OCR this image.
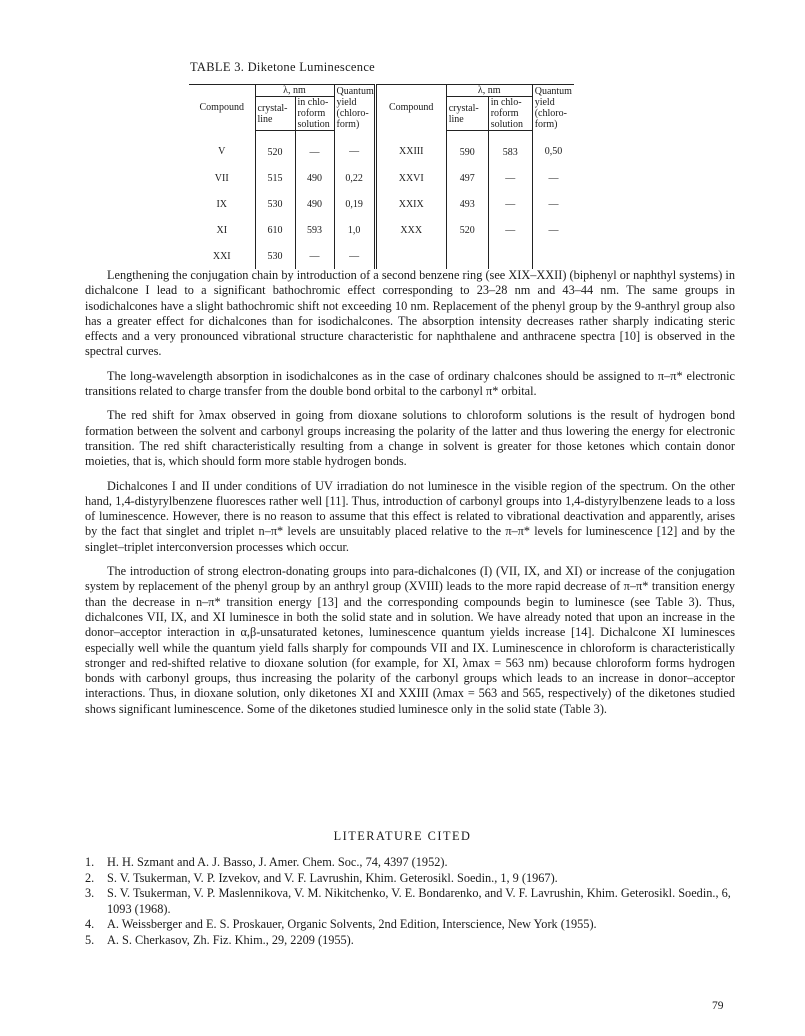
TABLE 3. Diketone Luminescence
Compound	λ, nm		Quantum yield (chloro- form)	Compound	λ, nm		Quantum yield (chloro- form)
	crystal- line	in chlo- roform solution			crystal- line	in chlo- roform solution	
V	520	—	—	XXIII	590	583	0,50
VII	515	490	0,22	XXVI	497	—	—
IX	530	490	0,19	XXIX	493	—	—
XI	610	593	1,0	XXX	520	—	—
XXI	530	—	—				

Lengthening the conjugation chain by introduction of a second benzene ring (see XIX–XXII) (biphenyl or naphthyl systems) in dichalcone I lead to a significant bathochromic effect corresponding to 23–28 nm and 43–44 nm. The same groups in isodichalcones have a slight bathochromic shift not exceeding 10 nm. Replacement of the phenyl group by the 9-anthryl group also has a greater effect for dichalcones than for isodichalcones. The absorption intensity decreases rather sharply indicating steric effects and a very pronounced vibrational structure characteristic for naphthalene and anthracene spectra [10] is observed in the spectral curves.

The long-wavelength absorption in isodichalcones as in the case of ordinary chalcones should be assigned to π–π* electronic transitions related to charge transfer from the double bond orbital to the carbonyl π* orbital.

The red shift for λmax observed in going from dioxane solutions to chloroform solutions is the result of hydrogen bond formation between the solvent and carbonyl groups increasing the polarity of the latter and thus lowering the energy for electronic transition. The red shift characteristically resulting from a change in solvent is greater for those ketones which contain donor moieties, that is, which should form more stable hydrogen bonds.

Dichalcones I and II under conditions of UV irradiation do not luminesce in the visible region of the spectrum. On the other hand, 1,4-distyrylbenzene fluoresces rather well [11]. Thus, introduction of carbonyl groups into 1,4-distyrylbenzene leads to a loss of luminescence. However, there is no reason to assume that this effect is related to vibrational deactivation and apparently, arises by the fact that singlet and triplet n–π* levels are unsuitably placed relative to the π–π* levels for luminescence [12] and by the singlet–triplet interconversion processes which occur.

The introduction of strong electron-donating groups into para-dichalcones (I) (VII, IX, and XI) or increase of the conjugation system by replacement of the phenyl group by an anthryl group (XVIII) leads to the more rapid decrease of π–π* transition energy than the decrease in n–π* transition energy [13] and the corresponding compounds begin to luminesce (see Table 3). Thus, dichalcones VII, IX, and XI luminesce in both the solid state and in solution. We have already noted that upon an increase in the donor–acceptor interaction in α,β-unsaturated ketones, luminescence quantum yields increase [14]. Dichalcone XI luminesces especially well while the quantum yield falls sharply for compounds VII and IX. Luminescence in chloroform is characteristically stronger and red-shifted relative to dioxane solution (for example, for XI, λmax = 563 nm) because chloroform forms hydrogen bonds with carbonyl groups, thus increasing the polarity of the carbonyl groups which leads to an increase in donor–acceptor interactions. Thus, in dioxane solution, only diketones XI and XXIII (λmax = 563 and 565, respectively) of the diketones studied shows significant luminescence. Some of the diketones studied luminesce only in the solid state (Table 3).

LITERATURE CITED
1. H. H. Szmant and A. J. Basso, J. Amer. Chem. Soc., 74, 4397 (1952).
2. S. V. Tsukerman, V. P. Izvekov, and V. F. Lavrushin, Khim. Geterosikl. Soedin., 1, 9 (1967).
3. S. V. Tsukerman, V. P. Maslennikova, V. M. Nikitchenko, V. E. Bondarenko, and V. F. Lavrushin, Khim. Geterosikl. Soedin., 6, 1093 (1968).
4. A. Weissberger and E. S. Proskauer, Organic Solvents, 2nd Edition, Interscience, New York (1955).
5. A. S. Cherkasov, Zh. Fiz. Khim., 29, 2209 (1955).
79
